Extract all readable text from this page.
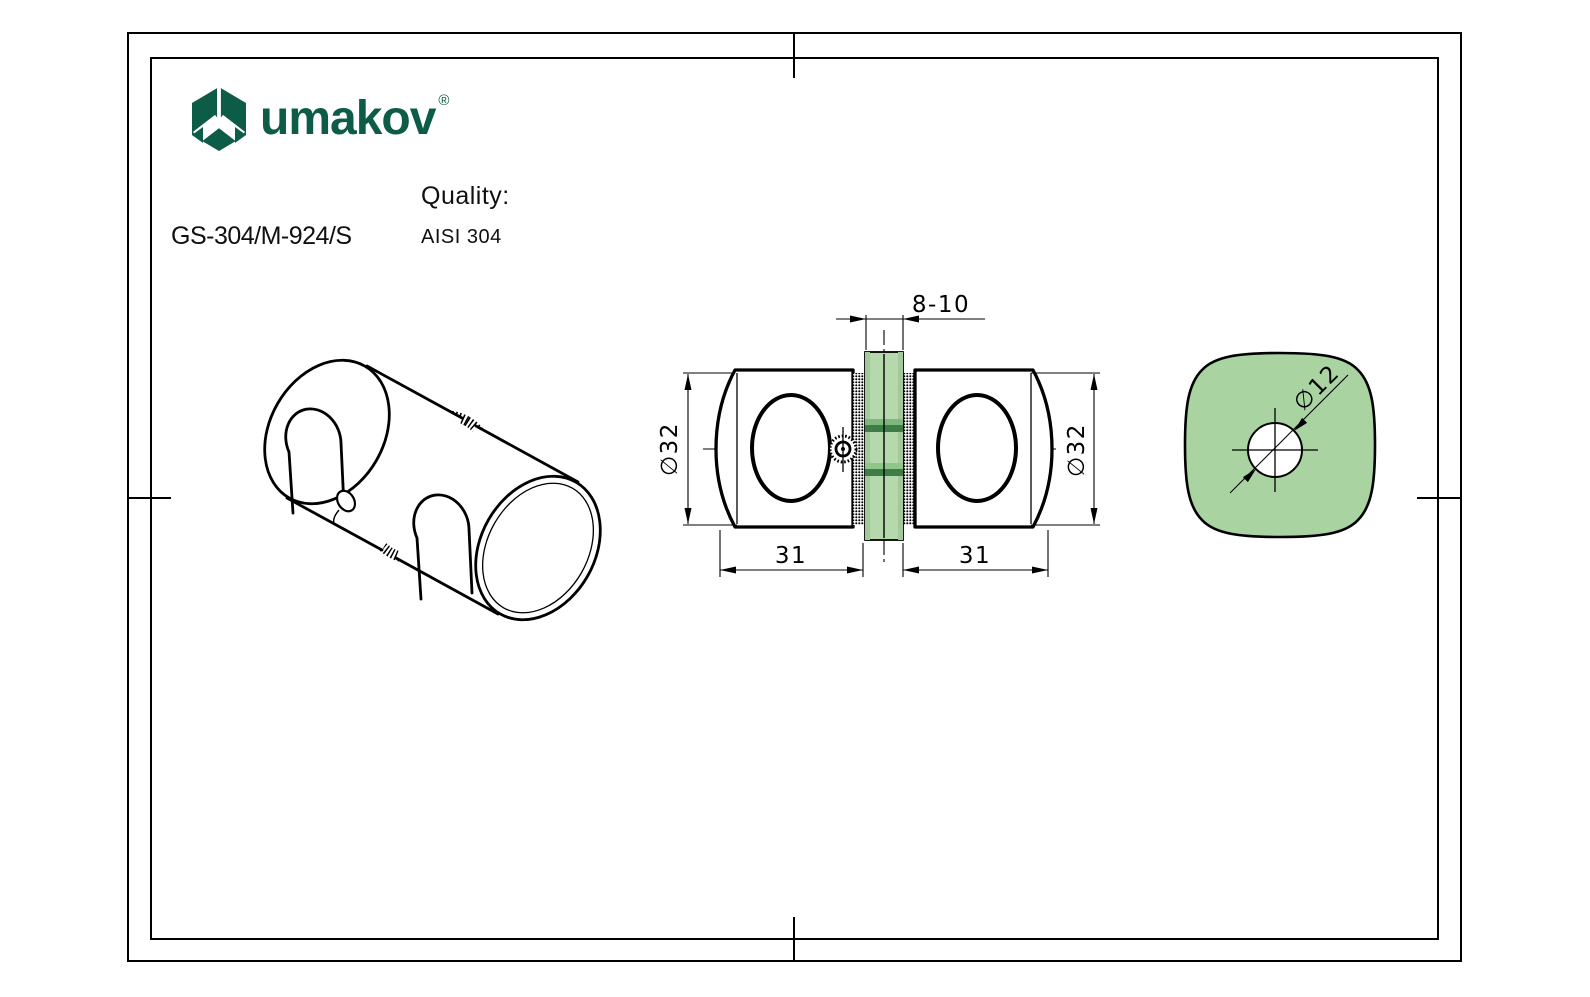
umakov ®
GS-304/M-924/S
Quality:
AISI 304
∅32	∅32
31	31
8-10
∅12
